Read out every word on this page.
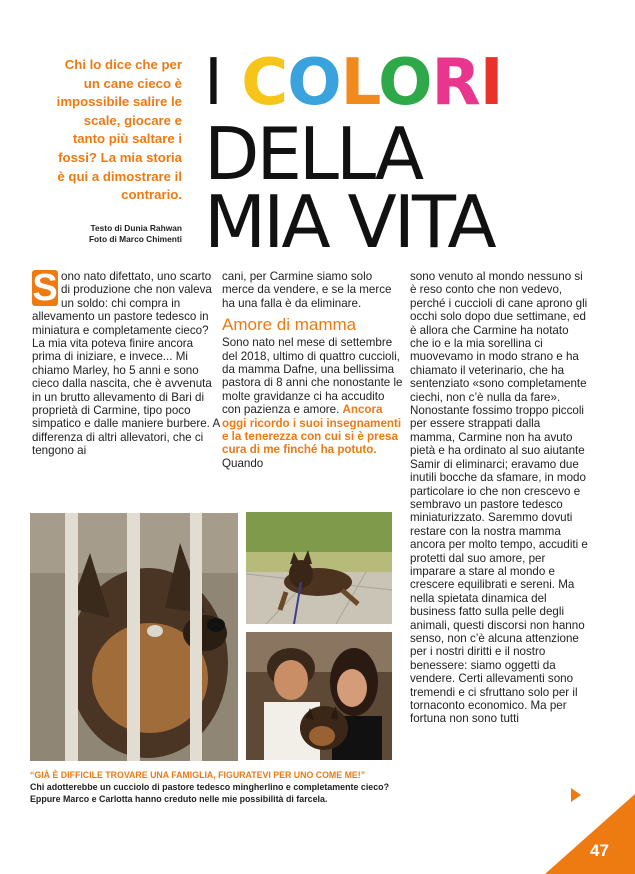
Chi lo dice che per un cane cieco è impossibile salire le scale, giocare e tanto più saltare i fossi? La mia storia è qui a dimostrare il contrario.
Testo di Dunia Rahwan
Foto di Marco Chimenti
I COLORI
DELLA
MIA VITA
S ono nato difettato, uno scarto di produzione che non valeva un soldo: chi compra in allevamento un pastore tedesco in miniatura e completamente cieco? La mia vita poteva finire ancora prima di iniziare, e invece... Mi chiamo Marley, ho 5 anni e sono cieco dalla nascita, che è avvenuta in un brutto allevamento di Bari di proprietà di Carmine, tipo poco simpatico e dalle maniere burbere. A differenza di altri allevatori, che ci tengono ai

cani, per Carmine siamo solo merce da vendere, e se la merce ha una falla è da eliminare.

Amore di mamma

Sono nato nel mese di settembre del 2018, ultimo di quattro cuccioli, da mamma Dafne, una bellissima pastora di 8 anni che nonostante le molte gravidanze ci ha accudito con pazienza e amore. Ancora oggi ricordo i suoi insegnamenti e la tenerezza con cui si è presa cura di me finché ha potuto. Quando

sono venuto al mondo nessuno si è reso conto che non vedevo, perché i cuccioli di cane aprono gli occhi solo dopo due settimane, ed è allora che Carmine ha notato che io e la mia sorellina ci muovevamo in modo strano e ha chiamato il veterinario, che ha sentenziato «sono completamente ciechi, non c’è nulla da fare». Nonostante fossimo troppo piccoli per essere strappati dalla mamma, Carmine non ha avuto pietà e ha ordinato al suo aiutante Samir di eliminarci; eravamo due inutili bocche da sfamare, in modo particolare io che non crescevo e sembravo un pastore tedesco miniaturizzato. Saremmo dovuti restare con la nostra mamma ancora per molto tempo, accuditi e protetti dal suo amore, per imparare a stare al mondo e crescere equilibrati e sereni. Ma nella spietata dinamica del business fatto sulla pelle degli animali, questi discorsi non hanno senso, non c’è alcuna attenzione per i nostri diritti e il nostro benessere: siamo oggetti da vendere. Certi allevamenti sono tremendi e ci sfruttano solo per il tornaconto economico. Ma per fortuna non sono tutti
“GIÀ È DIFFICILE TROVARE UNA FAMIGLIA, FIGURATEVI PER UNO COME ME!”
Chi adotterebbe un cucciolo di pastore tedesco mingherlino e completamente cieco? Eppure Marco e Carlotta hanno creduto nelle mie possibilità di farcela.
47
